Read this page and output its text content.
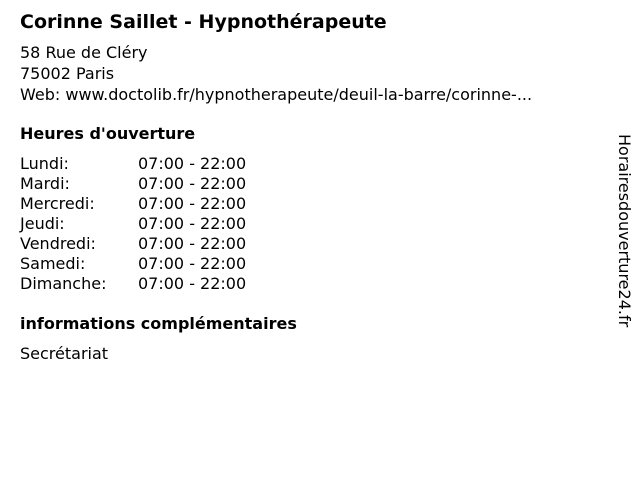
Corinne Saillet - Hypnothérapeute
58 Rue de Cléry
75002 Paris
Web: www.doctolib.fr/hypnotherapeute/deuil-la-barre/corinne-...
Heures d'ouverture
Lundi:	07:00 - 22:00
Mardi:	07:00 - 22:00
Mercredi:	07:00 - 22:00
Jeudi:	07:00 - 22:00
Vendredi:	07:00 - 22:00
Samedi:	07:00 - 22:00
Dimanche: 07:00 - 22:00
informations complémentaires
Secrétariat
Horairesdouverture24.fr
